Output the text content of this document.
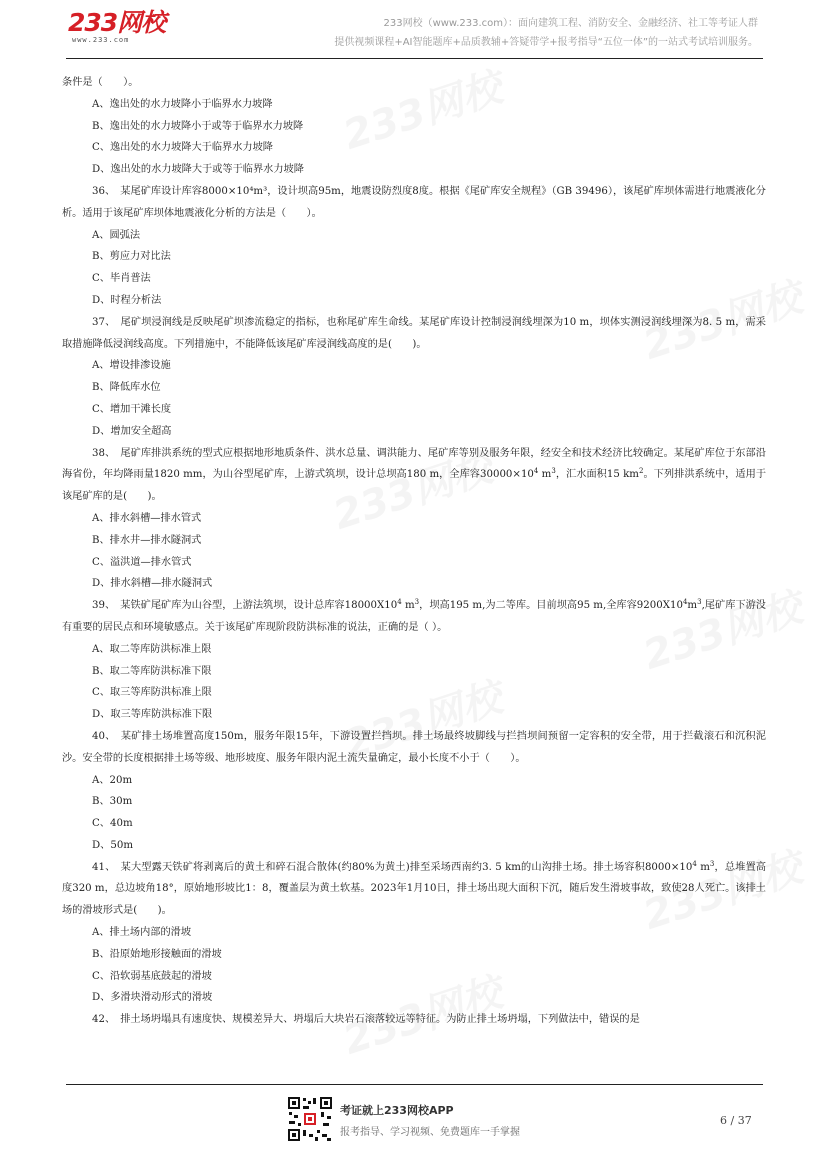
233网校
www.233.com
233网校（www.233.com）：面向建筑工程、消防安全、金融经济、社工等考证人群
提供视频课程+AI智能题库+品质教辅+答疑带学+报考指导“五位一体”的一站式考试培训服务。
条件是（　　）。
A、逸出处的水力坡降小于临界水力坡降
B、逸出处的水力坡降小于或等于临界水力坡降
C、逸出处的水力坡降大于临界水力坡降
D、逸出处的水力坡降大于或等于临界水力坡降
36、　某尾矿库设计库容8000×10⁴m³，设计坝高95m，地震设防烈度8度。根据《尾矿库安全规程》（GB 39496），该尾矿库坝体需进行地震液化分析。适用于该尾矿库坝体地震液化分析的方法是（　　）。
A、圆弧法
B、剪应力对比法
C、毕肖普法
D、时程分析法
37、　尾矿坝浸润线是反映尾矿坝渗流稳定的指标，也称尾矿库生命线。某尾矿库设计控制浸润线埋深为10 m，坝体实测浸润线埋深为8. 5 m，需采取措施降低浸润线高度。下列措施中，不能降低该尾矿库浸润线高度的是(　　)。
A、增设排渗设施
B、降低库水位
C、增加干滩长度
D、增加安全超高
38、　尾矿库排洪系统的型式应根据地形地质条件、洪水总量、调洪能力、尾矿库等别及服务年限，经安全和技术经济比较确定。某尾矿库位于东部沿海省份，年均降雨量1820 mm，为山谷型尾矿库，上游式筑坝，设计总坝高180 m，全库容$30000\times 10^4$ $m^3$，汇水面积15 $km^2$。下列排洪系统中，适用于该尾矿库的是(　　)。
A、排水斜槽—排水管式
B、排水井—排水隧洞式
C、溢洪道—排水管式
D、排水斜槽—排水隧洞式
39、　某铁矿尾矿库为山谷型，上游法筑坝，设计总库容$18000X10^4$ $m^3$，坝高195 m,为二等库。目前坝高95 m,全库容$9200X10^4m^3$,尾矿库下游没有重要的居民点和环境敏感点。关于该尾矿库现阶段防洪标准的说法，正确的是（ ）。
A、取二等库防洪标准上限
B、取二等库防洪标准下限
C、取三等库防洪标准上限
D、取三等库防洪标准下限
40、　某矿排土场堆置高度150m，服务年限15年，下游设置拦挡坝。排土场最终坡脚线与拦挡坝间预留一定容积的安全带，用于拦截滚石和沉积泥沙。安全带的长度根据排土场等级、地形坡度、服务年限内泥土流失量确定，最小长度不小于（　　）。
A、20m
B、30m
C、40m
D、50m
41、　某大型露天铁矿将剥离后的黄土和碎石混合散体(约80%为黄土)排至采场西南约3. 5 km的山沟排土场。排土场容积$8000\times 10^4$ $m^3$，总堆置高度320 m，总边坡角18°，原始地形坡比1：8，覆盖层为黄土软基。2023年1月10日，排土场出现大面积下沉，随后发生滑坡事故，致使28人死亡。该排土场的滑坡形式是(　　)。
A、排土场内部的滑坡
B、沿原始地形接触面的滑坡
C、沿软弱基底鼓起的滑坡
D、多滑块滑动形式的滑坡
42、　排土场坍塌具有速度快、规模差异大、坍塌后大块岩石滚落较远等特征。为防止排土场坍塌，下列做法中，错误的是
考证就上233网校APP
报考指导、学习视频、免费题库一手掌握
6 / 37
